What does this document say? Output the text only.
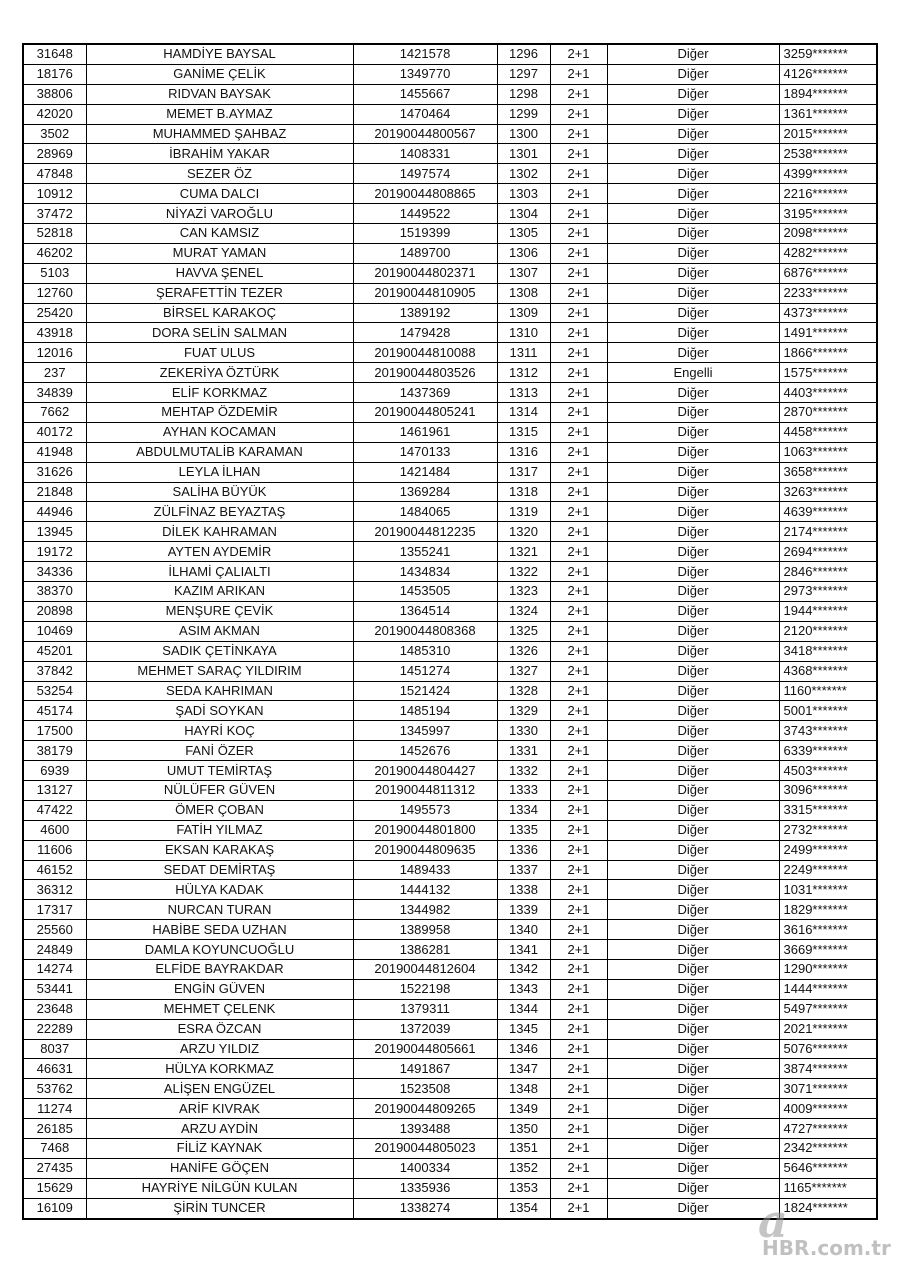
31648	HAMDİYE BAYSAL	1421578	1296	2+1	Diğer	3259*******
18176	GANİME ÇELİK	1349770	1297	2+1	Diğer	4126*******
38806	RIDVAN BAYSAK	1455667	1298	2+1	Diğer	1894*******
42020	MEMET B.AYMAZ	1470464	1299	2+1	Diğer	1361*******
3502	MUHAMMED ŞAHBAZ	20190044800567	1300	2+1	Diğer	2015*******
28969	İBRAHİM YAKAR	1408331	1301	2+1	Diğer	2538*******
47848	SEZER ÖZ	1497574	1302	2+1	Diğer	4399*******
10912	CUMA DALCI	20190044808865	1303	2+1	Diğer	2216*******
37472	NİYAZİ VAROĞLU	1449522	1304	2+1	Diğer	3195*******
52818	CAN KAMSIZ	1519399	1305	2+1	Diğer	2098*******
46202	MURAT YAMAN	1489700	1306	2+1	Diğer	4282*******
5103	HAVVA ŞENEL	20190044802371	1307	2+1	Diğer	6876*******
12760	ŞERAFETTİN TEZER	20190044810905	1308	2+1	Diğer	2233*******
25420	BİRSEL KARAKOÇ	1389192	1309	2+1	Diğer	4373*******
43918	DORA SELİN SALMAN	1479428	1310	2+1	Diğer	1491*******
12016	FUAT ULUS	20190044810088	1311	2+1	Diğer	1866*******
237	ZEKERİYA ÖZTÜRK	20190044803526	1312	2+1	Engelli	1575*******
34839	ELİF KORKMAZ	1437369	1313	2+1	Diğer	4403*******
7662	MEHTAP ÖZDEMİR	20190044805241	1314	2+1	Diğer	2870*******
40172	AYHAN KOCAMAN	1461961	1315	2+1	Diğer	4458*******
41948	ABDULMUTALİB KARAMAN	1470133	1316	2+1	Diğer	1063*******
31626	LEYLA İLHAN	1421484	1317	2+1	Diğer	3658*******
21848	SALİHA BÜYÜK	1369284	1318	2+1	Diğer	3263*******
44946	ZÜLFİNAZ BEYAZTAŞ	1484065	1319	2+1	Diğer	4639*******
13945	DİLEK KAHRAMAN	20190044812235	1320	2+1	Diğer	2174*******
19172	AYTEN AYDEMİR	1355241	1321	2+1	Diğer	2694*******
34336	İLHAMİ ÇALIALTI	1434834	1322	2+1	Diğer	2846*******
38370	KAZIM ARIKAN	1453505	1323	2+1	Diğer	2973*******
20898	MENŞURE ÇEVİK	1364514	1324	2+1	Diğer	1944*******
10469	ASIM AKMAN	20190044808368	1325	2+1	Diğer	2120*******
45201	SADIK ÇETİNKAYA	1485310	1326	2+1	Diğer	3418*******
37842	MEHMET SARAÇ YILDIRIM	1451274	1327	2+1	Diğer	4368*******
53254	SEDA KAHRIMAN	1521424	1328	2+1	Diğer	1160*******
45174	ŞADİ SOYKAN	1485194	1329	2+1	Diğer	5001*******
17500	HAYRİ KOÇ	1345997	1330	2+1	Diğer	3743*******
38179	FANİ ÖZER	1452676	1331	2+1	Diğer	6339*******
6939	UMUT TEMİRTAŞ	20190044804427	1332	2+1	Diğer	4503*******
13127	NÜLÜFER GÜVEN	20190044811312	1333	2+1	Diğer	3096*******
47422	ÖMER ÇOBAN	1495573	1334	2+1	Diğer	3315*******
4600	FATİH YILMAZ	20190044801800	1335	2+1	Diğer	2732*******
11606	EKSAN KARAKAŞ	20190044809635	1336	2+1	Diğer	2499*******
46152	SEDAT DEMİRTAŞ	1489433	1337	2+1	Diğer	2249*******
36312	HÜLYA KADAK	1444132	1338	2+1	Diğer	1031*******
17317	NURCAN TURAN	1344982	1339	2+1	Diğer	1829*******
25560	HABİBE SEDA UZHAN	1389958	1340	2+1	Diğer	3616*******
24849	DAMLA KOYUNCUOĞLU	1386281	1341	2+1	Diğer	3669*******
14274	ELFİDE BAYRAKDAR	20190044812604	1342	2+1	Diğer	1290*******
53441	ENGİN GÜVEN	1522198	1343	2+1	Diğer	1444*******
23648	MEHMET ÇELENK	1379311	1344	2+1	Diğer	5497*******
22289	ESRA ÖZCAN	1372039	1345	2+1	Diğer	2021*******
8037	ARZU YILDIZ	20190044805661	1346	2+1	Diğer	5076*******
46631	HÜLYA KORKMAZ	1491867	1347	2+1	Diğer	3874*******
53762	ALİŞEN ENGÜZEL	1523508	1348	2+1	Diğer	3071*******
11274	ARİF KIVRAK	20190044809265	1349	2+1	Diğer	4009*******
26185	ARZU AYDİN	1393488	1350	2+1	Diğer	4727*******
7468	FİLİZ KAYNAK	20190044805023	1351	2+1	Diğer	2342*******
27435	HANİFE GÖÇEN	1400334	1352	2+1	Diğer	5646*******
15629	HAYRİYE NİLGÜN KULAN	1335936	1353	2+1	Diğer	1165*******
16109	ŞİRİN TUNCER	1338274	1354	2+1	Diğer	1824*******
a
HBR.com.tr
